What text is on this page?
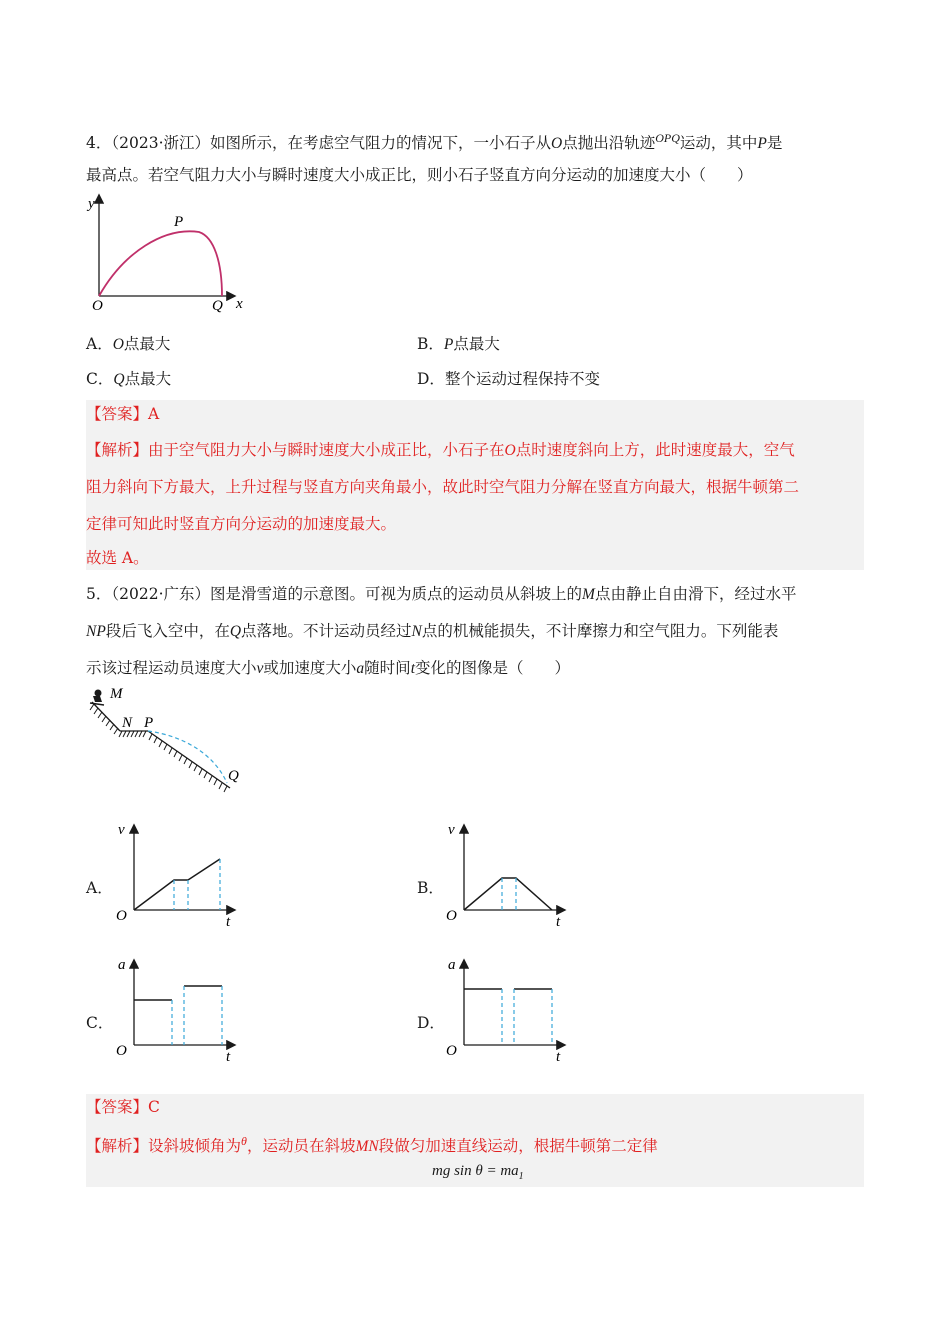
4．（2023·浙江）如图所示，在考虑空气阻力的情况下，一小石子从O点抛出沿轨迹$^{OPQ}$运动，其中P是
最高点。若空气阻力大小与瞬时速度大小成正比，则小石子竖直方向分运动的加速度大小（　　）
y
P
O	Q x
A．O点最大	B．P点最大
C．Q点最大	D．整个运动过程保持不变
【答案】A
【解析】由于空气阻力大小与瞬时速度大小成正比，小石子在O点时速度斜向上方，此时速度最大，空气
阻力斜向下方最大，上升过程与竖直方向夹角最小，故此时空气阻力分解在竖直方向最大，根据牛顿第二
定律可知此时竖直方向分运动的加速度最大。
故选 A。
5．（2022·广东）图是滑雪道的示意图。可视为质点的运动员从斜坡上的M点由静止自由滑下，经过水平
NP段后飞入空中，在Q点落地。不计运动员经过N点的机械能损失，不计摩擦力和空气阻力。下列能表
示该过程运动员速度大小v或加速度大小a随时间t变化的图像是（　　）
M
N P
Q
A．	B．
C．	D．
v
O	t
v
O	t
a
O	t
a
O	t
【答案】C
【解析】设斜坡倾角为$^\theta$，运动员在斜坡MN段做匀加速直线运动，根据牛顿第二定律
mg $\sin \theta = ma_1$
